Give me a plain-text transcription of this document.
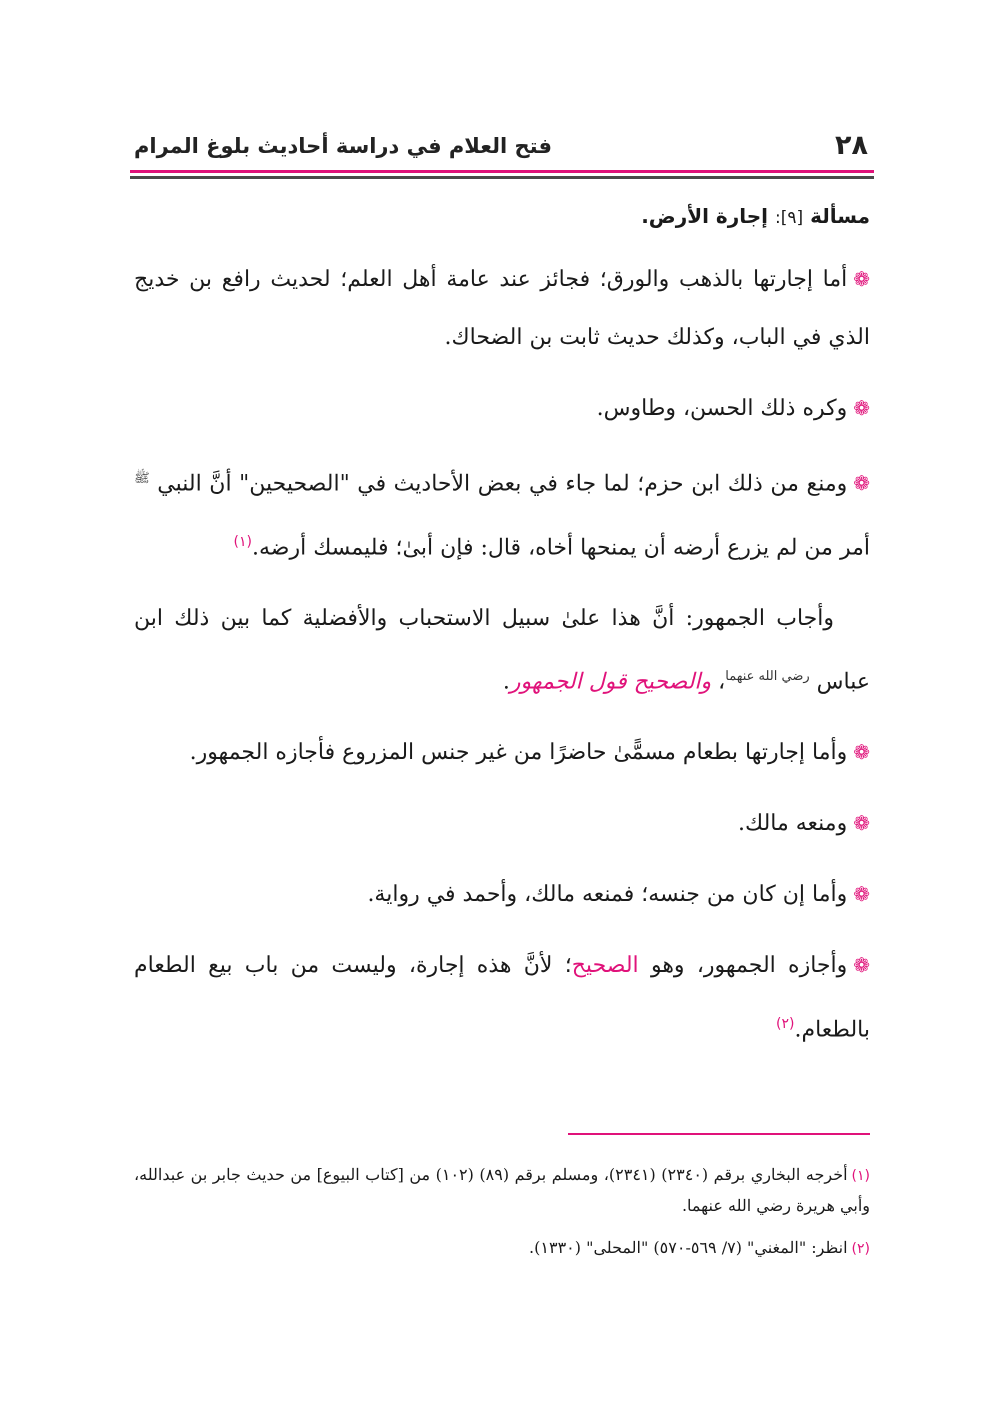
٢٨
فتح العلام في دراسة أحاديث بلوغ المرام
مسألة [٩]: إجارة الأرض.

❁أما إجارتها بالذهب والورق؛ فجائز عند عامة أهل العلم؛ لحديث رافع بن خديج الذي في الباب، وكذلك حديث ثابت بن الضحاك.

❁وكره ذلك الحسن، وطاوس.

❁ومنع من ذلك ابن حزم؛ لما جاء في بعض الأحاديث في "الصحيحين" أنَّ النبي $^ﷺ$ أمر من لم يزرع أرضه أن يمنحها أخاه، قال: فإن أبىٰ؛ فليمسك أرضه.$^{(١)}$

وأجاب الجمهور: أنَّ هذا علىٰ سبيل الاستحباب والأفضلية كما بين ذلك ابن عباس $^{رضي الله عنهما}$، والصحيح قول الجمهور.

❁وأما إجارتها بطعام مسمًّىٰ حاضرًا من غير جنس المزروع فأجازه الجمهور.

❁ومنعه مالك.

❁وأما إن كان من جنسه؛ فمنعه مالك، وأحمد في رواية.

❁وأجازه الجمهور، وهو الصحيح؛ لأنَّ هذه إجارة، وليست من باب بيع الطعام بالطعام.$^{(٢)}$

(١)أخرجه البخاري برقم (٢٣٤٠) (٢٣٤١)، ومسلم برقم (٨٩) (١٠٢) من [كتاب البيوع] من حديث جابر بن عبدالله، وأبي هريرة رضي الله عنهما.
(٢)انظر: "المغني" (٧/ ٥٦٩-٥٧٠) "المحلى" (١٣٣٠).
